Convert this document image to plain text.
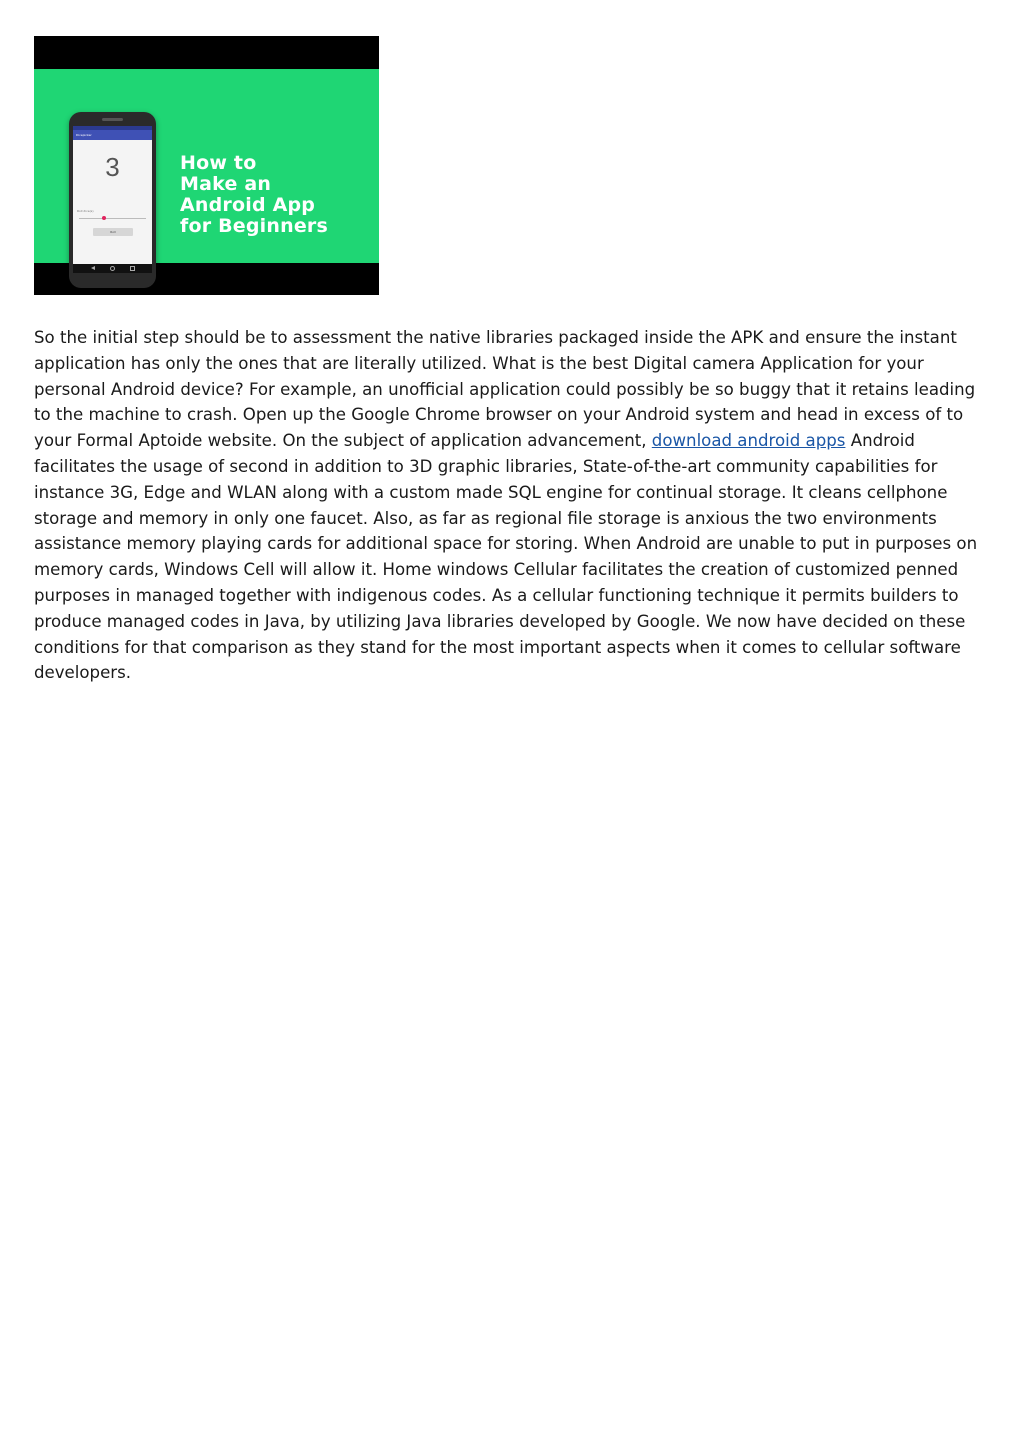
Dicepicker
3
Roll dice(s)
Roll
How to
Make an
Android App
for Beginners

So the initial step should be to assessment the native libraries packaged inside the APK and ensure the instant application has only the ones that are literally utilized. What is the best Digital camera Application for your personal Android device? For example, an unofficial application could possibly be so buggy that it retains leading to the machine to crash. Open up the Google Chrome browser on your Android system and head in excess of to your Formal Aptoide website. On the subject of application advancement, download android apps Android facilitates the usage of second in addition to 3D graphic libraries, State-of-the-art community capabilities for instance 3G, Edge and WLAN along with a custom made SQL engine for continual storage. It cleans cellphone storage and memory in only one faucet. Also, as far as regional file storage is anxious the two environments assistance memory playing cards for additional space for storing. When Android are unable to put in purposes on memory cards, Windows Cell will allow it. Home windows Cellular facilitates the creation of customized penned purposes in managed together with indigenous codes. As a cellular functioning technique it permits builders to produce managed codes in Java, by utilizing Java libraries developed by Google. We now have decided on these conditions for that comparison as they stand for the most important aspects when it comes to cellular software developers.
